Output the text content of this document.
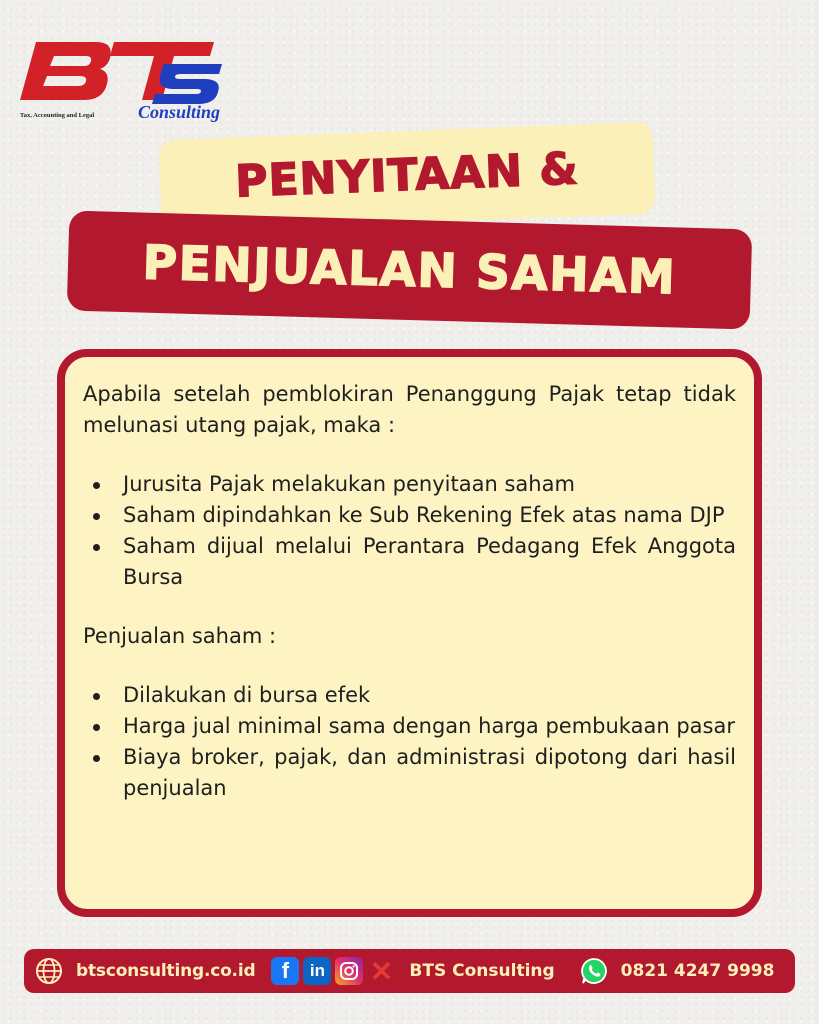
Tax, Accounting and Legal Consulting
PENYITAAN &
PENJUALAN SAHAM

Apabila setelah pemblokiran Penanggung Pajak tetap tidak melunasi utang pajak, maka :

Jurusita Pajak melakukan penyitaan saham
Saham dipindahkan ke Sub Rekening Efek atas nama DJP
Saham dijual melalui Perantara Pedagang Efek Anggota Bursa

Penjualan saham :

Dilakukan di bursa efek
Harga jual minimal sama dengan harga pembukaan pasar
Biaya broker, pajak, dan administrasi dipotong dari hasil penjualan
btsconsulting.co.id	f	in ✕ BTS Consulting	0821 4247 9998
